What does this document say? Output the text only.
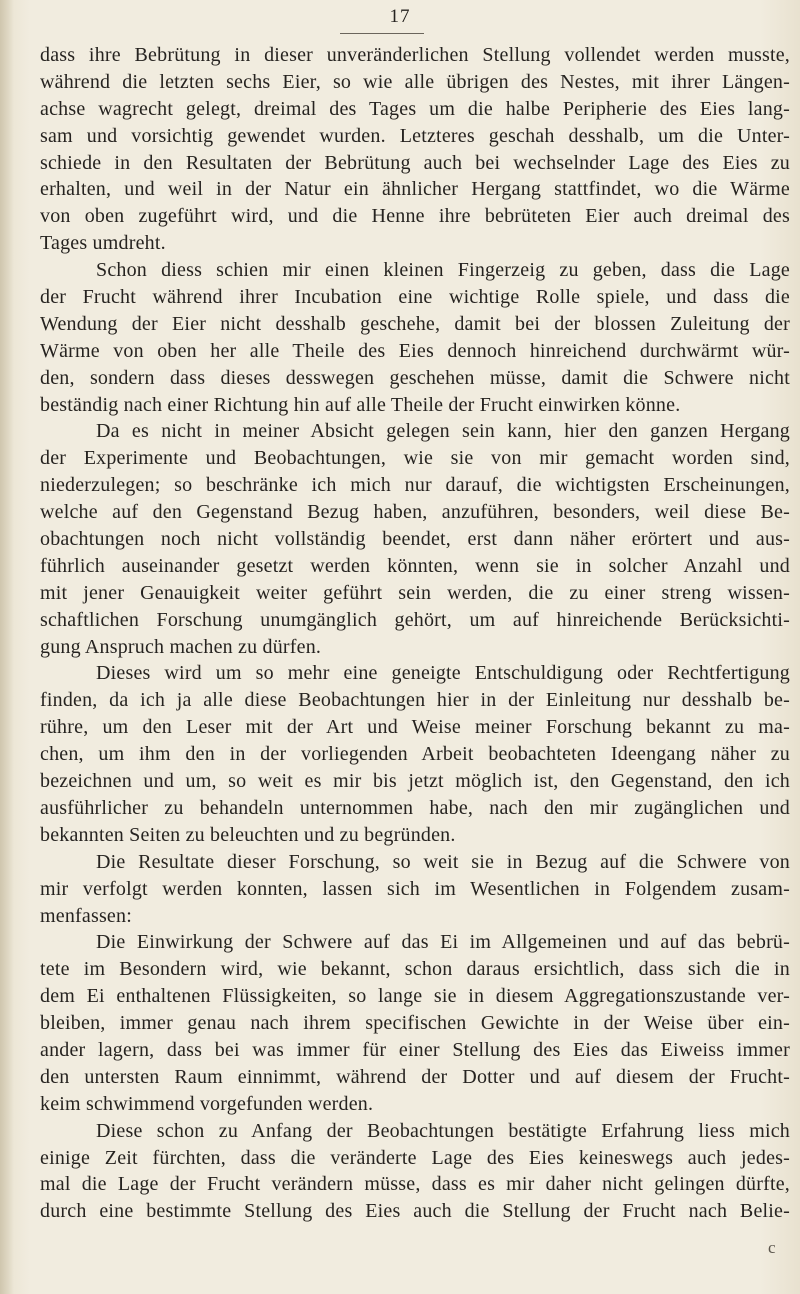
17
dass ihre Bebrütung in dieser unveränderlichen Stellung vollendet werden musste,
während die letzten sechs Eier, so wie alle übrigen des Nestes, mit ihrer Längen-
achse wagrecht gelegt, dreimal des Tages um die halbe Peripherie des Eies lang-
sam und vorsichtig gewendet wurden. Letzteres geschah desshalb, um die Unter-
schiede in den Resultaten der Bebrütung auch bei wechselnder Lage des Eies zu
erhalten, und weil in der Natur ein ähnlicher Hergang stattfindet, wo die Wärme
von oben zugeführt wird, und die Henne ihre bebrüteten Eier auch dreimal des
Tages umdreht.
Schon diess schien mir einen kleinen Fingerzeig zu geben, dass die Lage
der Frucht während ihrer Incubation eine wichtige Rolle spiele, und dass die
Wendung der Eier nicht desshalb geschehe, damit bei der blossen Zuleitung der
Wärme von oben her alle Theile des Eies dennoch hinreichend durchwärmt wür-
den, sondern dass dieses desswegen geschehen müsse, damit die Schwere nicht
beständig nach einer Richtung hin auf alle Theile der Frucht einwirken könne.
Da es nicht in meiner Absicht gelegen sein kann, hier den ganzen Hergang
der Experimente und Beobachtungen, wie sie von mir gemacht worden sind,
niederzulegen; so beschränke ich mich nur darauf, die wichtigsten Erscheinungen,
welche auf den Gegenstand Bezug haben, anzuführen, besonders, weil diese Be-
obachtungen noch nicht vollständig beendet, erst dann näher erörtert und aus-
führlich auseinander gesetzt werden könnten, wenn sie in solcher Anzahl und
mit jener Genauigkeit weiter geführt sein werden, die zu einer streng wissen-
schaftlichen Forschung unumgänglich gehört, um auf hinreichende Berücksichti-
gung Anspruch machen zu dürfen.
Dieses wird um so mehr eine geneigte Entschuldigung oder Rechtfertigung
finden, da ich ja alle diese Beobachtungen hier in der Einleitung nur desshalb be-
rühre, um den Leser mit der Art und Weise meiner Forschung bekannt zu ma-
chen, um ihm den in der vorliegenden Arbeit beobachteten Ideengang näher zu
bezeichnen und um, so weit es mir bis jetzt möglich ist, den Gegenstand, den ich
ausführlicher zu behandeln unternommen habe, nach den mir zugänglichen und
bekannten Seiten zu beleuchten und zu begründen.
Die Resultate dieser Forschung, so weit sie in Bezug auf die Schwere von
mir verfolgt werden konnten, lassen sich im Wesentlichen in Folgendem zusam-
menfassen:
Die Einwirkung der Schwere auf das Ei im Allgemeinen und auf das bebrü-
tete im Besondern wird, wie bekannt, schon daraus ersichtlich, dass sich die in
dem Ei enthaltenen Flüssigkeiten, so lange sie in diesem Aggregationszustande ver-
bleiben, immer genau nach ihrem specifischen Gewichte in der Weise über ein-
ander lagern, dass bei was immer für einer Stellung des Eies das Eiweiss immer
den untersten Raum einnimmt, während der Dotter und auf diesem der Frucht-
keim schwimmend vorgefunden werden.
Diese schon zu Anfang der Beobachtungen bestätigte Erfahrung liess mich
einige Zeit fürchten, dass die veränderte Lage des Eies keineswegs auch jedes-
mal die Lage der Frucht verändern müsse, dass es mir daher nicht gelingen dürfte,
durch eine bestimmte Stellung des Eies auch die Stellung der Frucht nach Belie-
c
